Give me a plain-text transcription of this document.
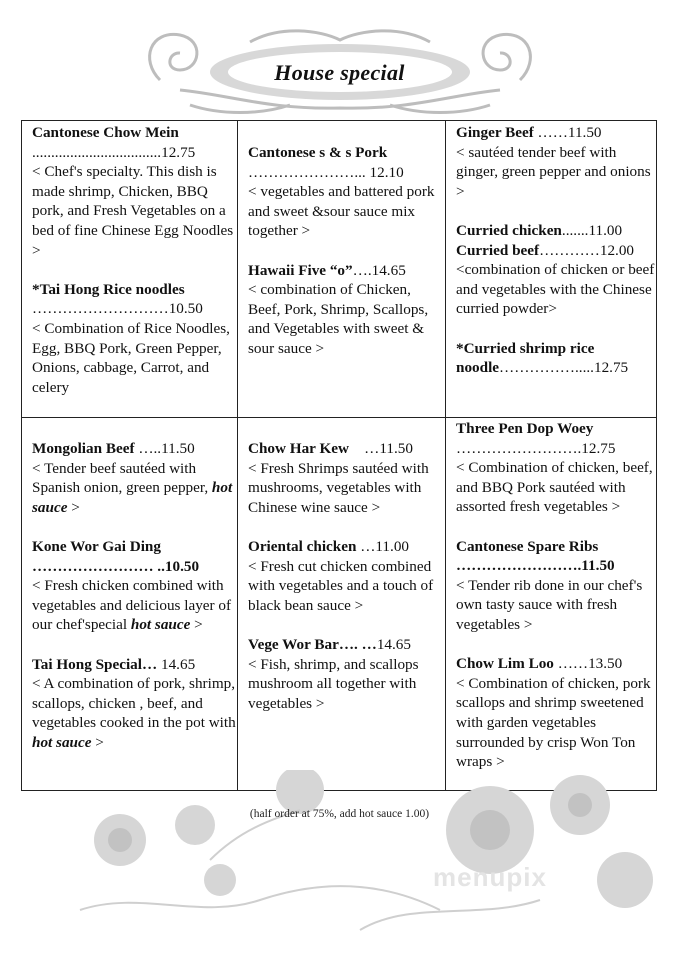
House special
Cantonese Chow Mein
..................................12.75
< Chef's specialty. This dish is made shrimp, Chicken, BBQ pork, and Fresh Vegetables on a bed of fine Chinese Egg Noodles >
*Tai Hong Rice noodles
………………………10.50
< Combination of Rice Noodles, Egg, BBQ Pork, Green Pepper, Onions, cabbage, Carrot, and celery
Cantonese s & s Pork
…………………... 12.10
< vegetables and battered pork and sweet &sour sauce mix together >
Hawaii Five “o”….14.65
< combination of Chicken, Beef, Pork, Shrimp, Scallops, and Vegetables with sweet & sour sauce >
Ginger Beef ……11.50
< sautéed tender beef with ginger, green pepper and onions >
Curried chicken.......11.00
Curried beef…………12.00
<combination of chicken or beef and vegetables with the Chinese curried powder>
*Curried shrimp rice noodle…………….....12.75
Mongolian Beef …..11.50
< Tender beef sautéed with Spanish onion, green pepper, hot sauce >
Kone Wor Gai Ding
…………………… ..10.50
< Fresh chicken combined with vegetables and delicious layer of our chef'special hot sauce >
Tai Hong Special… 14.65
< A combination of pork, shrimp, scallops, chicken , beef, and vegetables cooked in the pot with hot sauce >
Chow Har Kew    …11.50
< Fresh Shrimps sautéed with mushrooms, vegetables with Chinese wine sauce >
Oriental chicken …11.00
< Fresh cut chicken combined with vegetables and a touch of black bean sauce >
Vege Wor Bar…. …14.65
< Fish, shrimp, and scallops mushroom all together with vegetables >
Three Pen Dop Woey
…………………….12.75
< Combination of chicken, beef, and BBQ Pork sautéed with assorted fresh vegetables >
Cantonese Spare Ribs
…………………….11.50
< Tender rib done in our chef's own tasty sauce with fresh vegetables >
Chow Lim Loo ……13.50
< Combination of chicken, pork scallops and shrimp sweetened with garden vegetables surrounded by crisp Won Ton wraps >
(half order at 75%, add hot sauce 1.00)
menupix
